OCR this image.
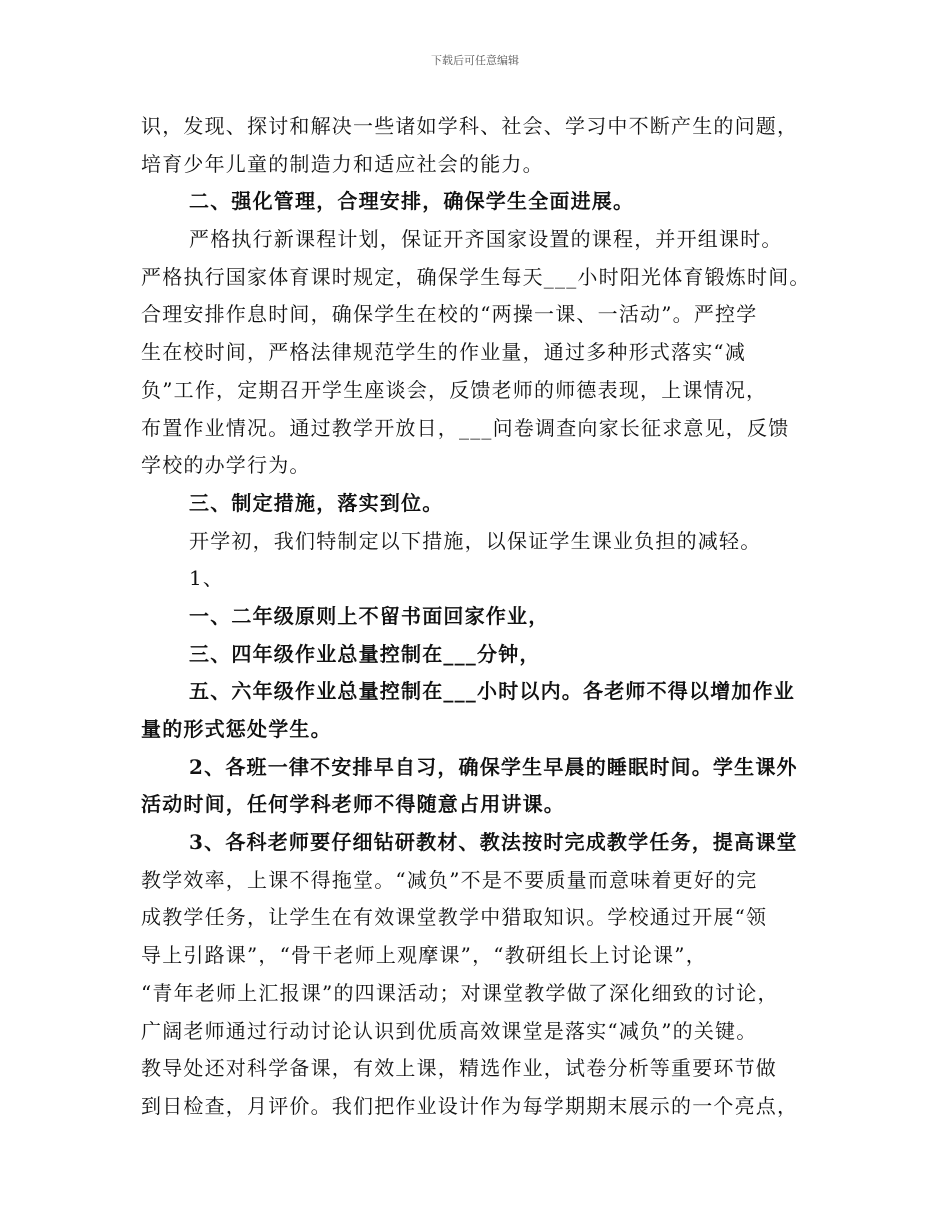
下载后可任意编辑
识，发现、探讨和解决一些诸如学科、社会、学习中不断产生的问题，
培育少年儿童的制造力和适应社会的能力。
二、强化管理，合理安排，确保学生全面进展。
严格执行新课程计划，保证开齐国家设置的课程，并开组课时。
严格执行国家体育课时规定，确保学生每天___小时阳光体育锻炼时间。
合理安排作息时间，确保学生在校的“两操一课、一活动”。严控学
生在校时间，严格法律规范学生的作业量，通过多种形式落实“减
负”工作，定期召开学生座谈会，反馈老师的师德表现，上课情况，
布置作业情况。通过教学开放日，___问卷调查向家长征求意见，反馈
学校的办学行为。
三、制定措施，落实到位。
开学初，我们特制定以下措施，以保证学生课业负担的减轻。
1、
一、二年级原则上不留书面回家作业，
三、四年级作业总量控制在___分钟，
五、六年级作业总量控制在___小时以内。各老师不得以增加作业
量的形式惩处学生。
2、各班一律不安排早自习，确保学生早晨的睡眠时间。学生课外
活动时间，任何学科老师不得随意占用讲课。
3、各科老师要仔细钻研教材、教法按时完成教学任务，提高课堂
教学效率，上课不得拖堂。“减负”不是不要质量而意味着更好的完
成教学任务，让学生在有效课堂教学中猎取知识。学校通过开展“领
导上引路课”，“骨干老师上观摩课”，“教研组长上讨论课”，
“青年老师上汇报课”的四课活动；对课堂教学做了深化细致的讨论，
广阔老师通过行动讨论认识到优质高效课堂是落实“减负”的关键。
教导处还对科学备课，有效上课，精选作业，试卷分析等重要环节做
到日检查，月评价。我们把作业设计作为每学期期末展示的一个亮点，
